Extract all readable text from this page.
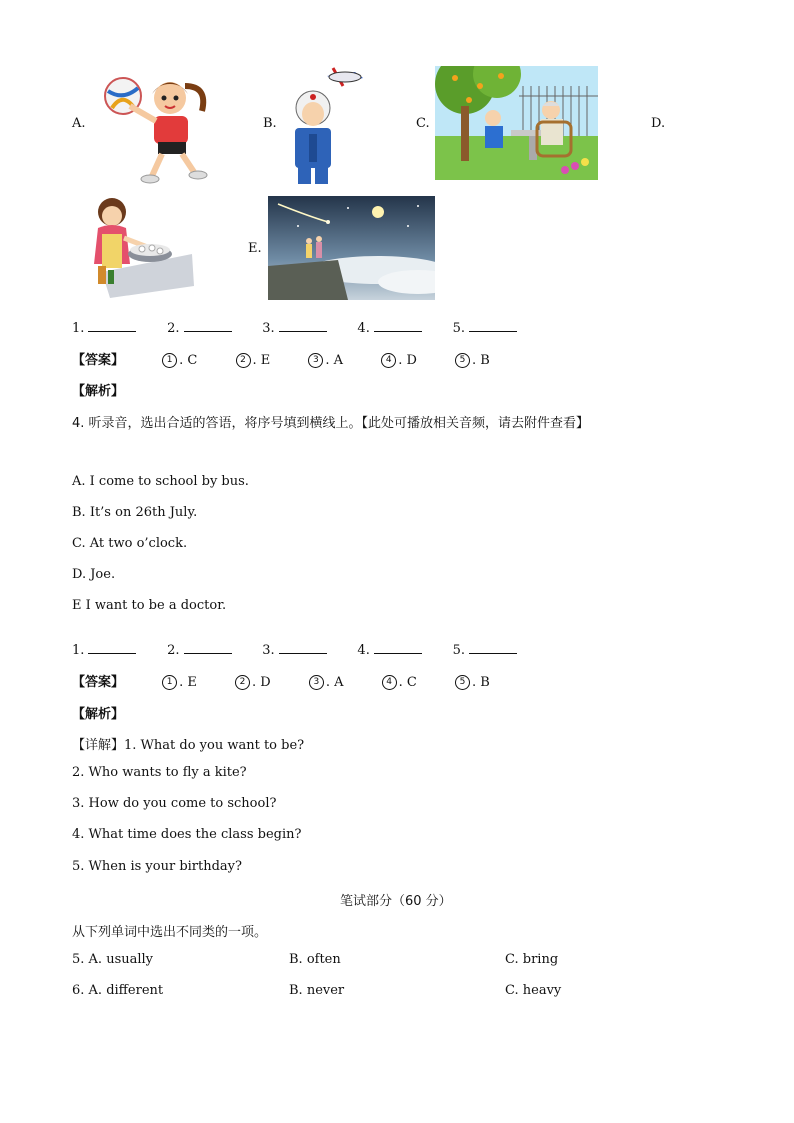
A.	B.	C.	D.
E.
1.	2.	3.	4.	5.
【答案】	1 . C	2 . E	3 . A	4 . D	5 . B
【解析】
4. 听录音，选出合适的答语，将序号填到横线上。【此处可播放相关音频，请去附件查看】
A. I come to school by bus.
B. It’s on 26th July.
C. At two o’clock.
D. Joe.
E I want to be a doctor.
1.	2.	3.	4.	5.
【答案】	1 . E	2 . D	3 . A	4 . C	5 . B
【解析】
【详解】1. What do you want to be?
2. Who wants to fly a kite?
3. How do you come to school?
4. What time does the class begin?
5. When is your birthday?
笔试部分（60 分）
从下列单词中选出不同类的一项。
5. A. usually	B. often	C. bring
6. A. different	B. never	C. heavy
